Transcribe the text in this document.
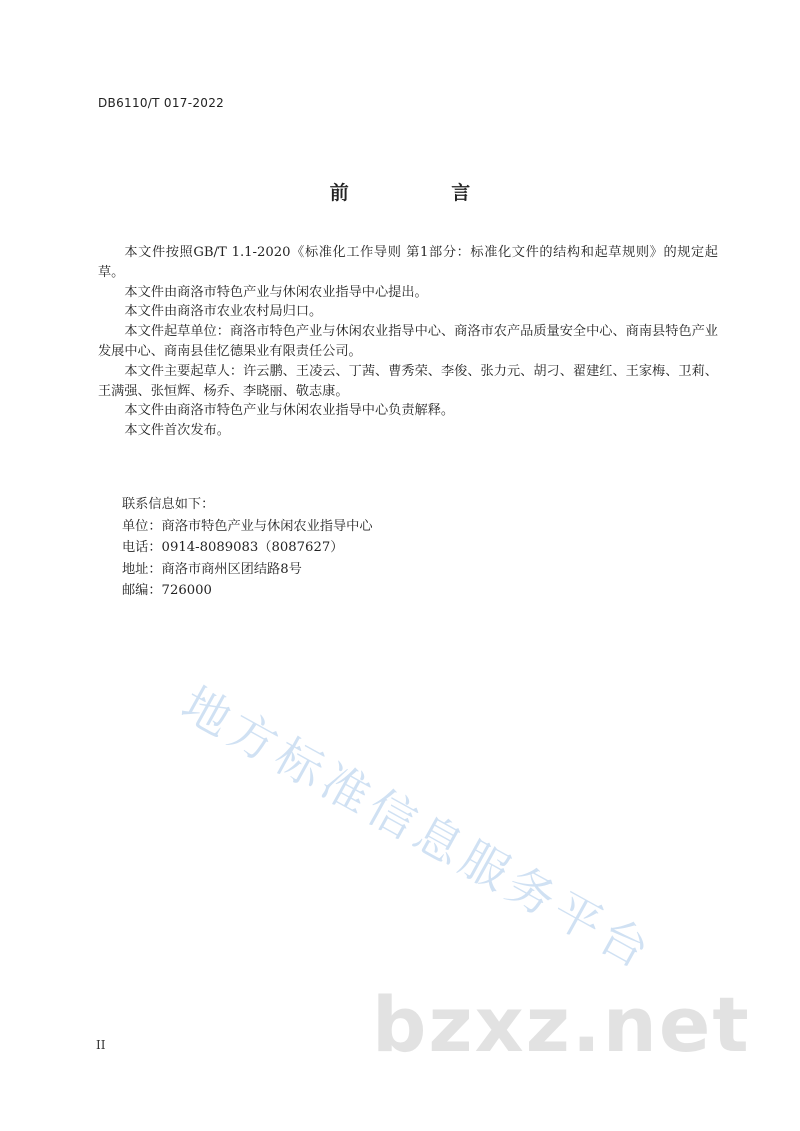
DB6110/T 017-2022
前 言

本文件按照GB/T 1.1-2020《标准化工作导则 第1部分：标准化文件的结构和起草规则》的规定起草。

本文件由商洛市特色产业与休闲农业指导中心提出。

本文件由商洛市农业农村局归口。

本文件起草单位：商洛市特色产业与休闲农业指导中心、商洛市农产品质量安全中心、商南县特色产业发展中心、商南县佳忆德果业有限责任公司。

本文件主要起草人：许云鹏、王凌云、丁茜、曹秀荣、李俊、张力元、胡刁、翟建红、王家梅、卫莉、王满强、张恒辉、杨乔、李晓丽、敬志康。

本文件由商洛市特色产业与休闲农业指导中心负责解释。

本文件首次发布。

联系信息如下：

单位：商洛市特色产业与休闲农业指导中心

电话：0914-8089083（8087627）

地址：商洛市商州区团结路8号

邮编：726000

地方标准信息服务平台
bzxz.net
II
